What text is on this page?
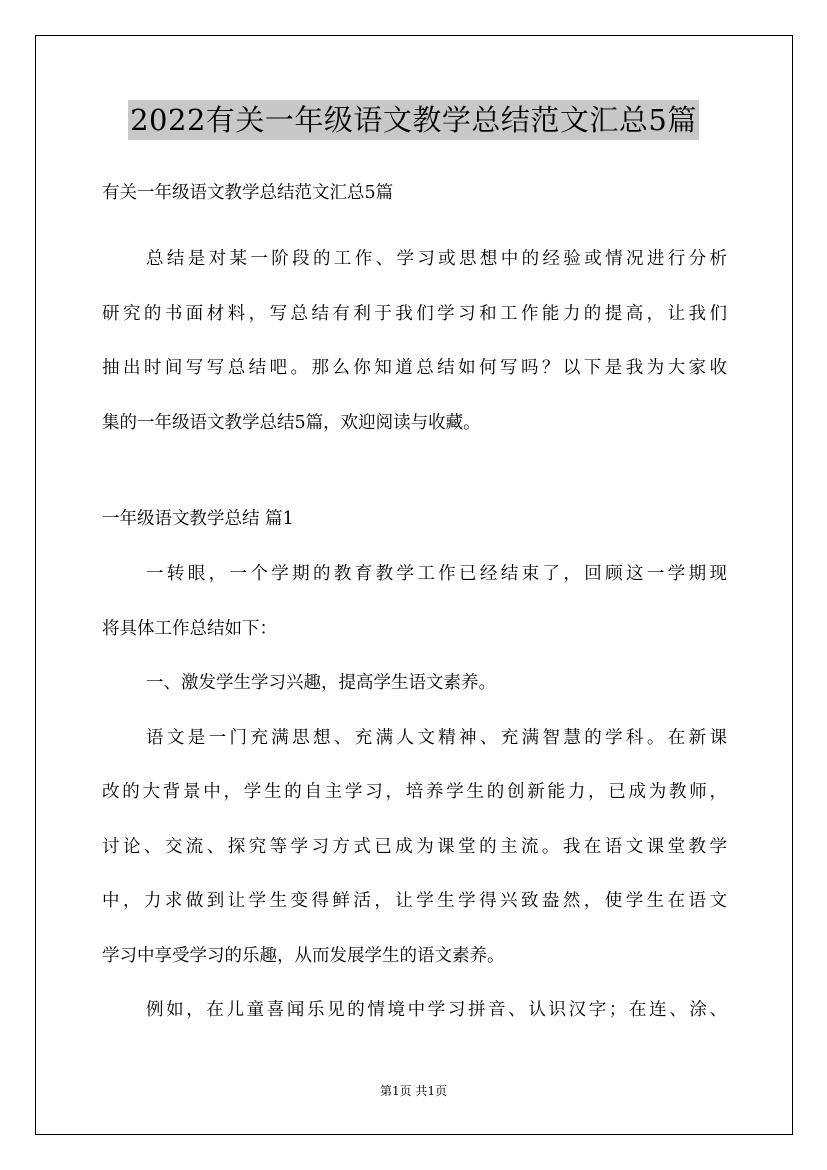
2022有关一年级语文教学总结范文汇总5篇
有关一年级语文教学总结范文汇总5篇
总结是对某一阶段的工作、学习或思想中的经验或情况进行分析
研究的书面材料，写总结有利于我们学习和工作能力的提高，让我们
抽出时间写写总结吧。那么你知道总结如何写吗？以下是我为大家收
集的一年级语文教学总结5篇，欢迎阅读与收藏。
一年级语文教学总结 篇1
一转眼，一个学期的教育教学工作已经结束了，回顾这一学期现
将具体工作总结如下：
一、激发学生学习兴趣，提高学生语文素养。
语文是一门充满思想、充满人文精神、充满智慧的学科。在新课
改的大背景中，学生的自主学习，培养学生的创新能力，已成为教师，
讨论、交流、探究等学习方式已成为课堂的主流。我在语文课堂教学
中，力求做到让学生变得鲜活，让学生学得兴致盎然，使学生在语文
学习中享受学习的乐趣，从而发展学生的语文素养。
例如，在儿童喜闻乐见的情境中学习拼音、认识汉字；在连、涂、
第1页 共1页
